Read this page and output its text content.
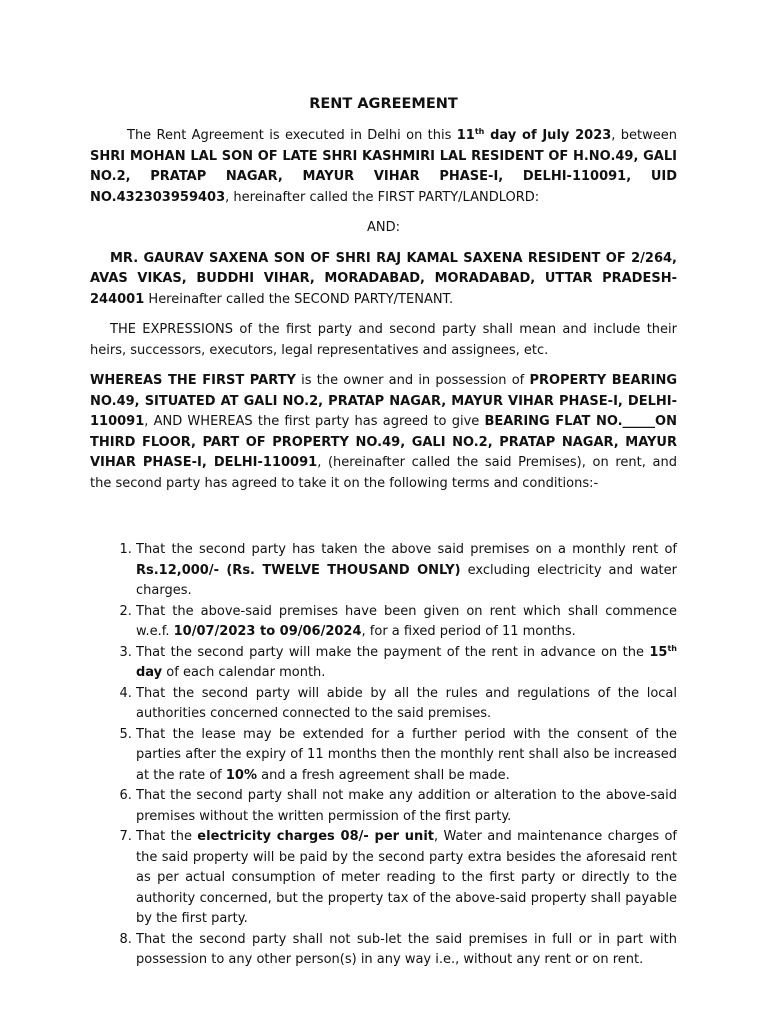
RENT AGREEMENT

The Rent Agreement is executed in Delhi on this 11th day of July 2023, between SHRI MOHAN LAL SON OF LATE SHRI KASHMIRI LAL RESIDENT OF H.NO.49, GALI NO.2, PRATAP NAGAR, MAYUR VIHAR PHASE-I, DELHI-110091, UID NO.432303959403, hereinafter called the FIRST PARTY/LANDLORD:

AND:

MR. GAURAV SAXENA SON OF SHRI RAJ KAMAL SAXENA RESIDENT OF 2/264, AVAS VIKAS, BUDDHI VIHAR, MORADABAD, MORADABAD, UTTAR PRADESH-244001 Hereinafter called the SECOND PARTY/TENANT.

THE EXPRESSIONS of the first party and second party shall mean and include their heirs, successors, executors, legal representatives and assignees, etc.

WHEREAS THE FIRST PARTY is the owner and in possession of PROPERTY BEARING NO.49, SITUATED AT GALI NO.2, PRATAP NAGAR, MAYUR VIHAR PHASE-I, DELHI-110091, AND WHEREAS the first party has agreed to give BEARING FLAT NO._____ON THIRD FLOOR, PART OF PROPERTY NO.49, GALI NO.2, PRATAP NAGAR, MAYUR VIHAR PHASE-I, DELHI-110091, (hereinafter called the said Premises), on rent, and the second party has agreed to take it on the following terms and conditions:-

1. That the second party has taken the above said premises on a monthly rent of Rs.12,000/- (Rs. TWELVE THOUSAND ONLY) excluding electricity and water charges.
2. That the above-said premises have been given on rent which shall commence w.e.f. 10/07/2023 to 09/06/2024, for a fixed period of 11 months.
3. That the second party will make the payment of the rent in advance on the 15th day of each calendar month.
4. That the second party will abide by all the rules and regulations of the local authorities concerned connected to the said premises.
5. That the lease may be extended for a further period with the consent of the parties after the expiry of 11 months then the monthly rent shall also be increased at the rate of 10% and a fresh agreement shall be made.
6. That the second party shall not make any addition or alteration to the above-said premises without the written permission of the first party.
7. That the electricity charges 08/- per unit, Water and maintenance charges of the said property will be paid by the second party extra besides the aforesaid rent as per actual consumption of meter reading to the first party or directly to the authority concerned, but the property tax of the above-said property shall payable by the first party.
8. That the second party shall not sub-let the said premises in full or in part with possession to any other person(s) in any way i.e., without any rent or on rent.
